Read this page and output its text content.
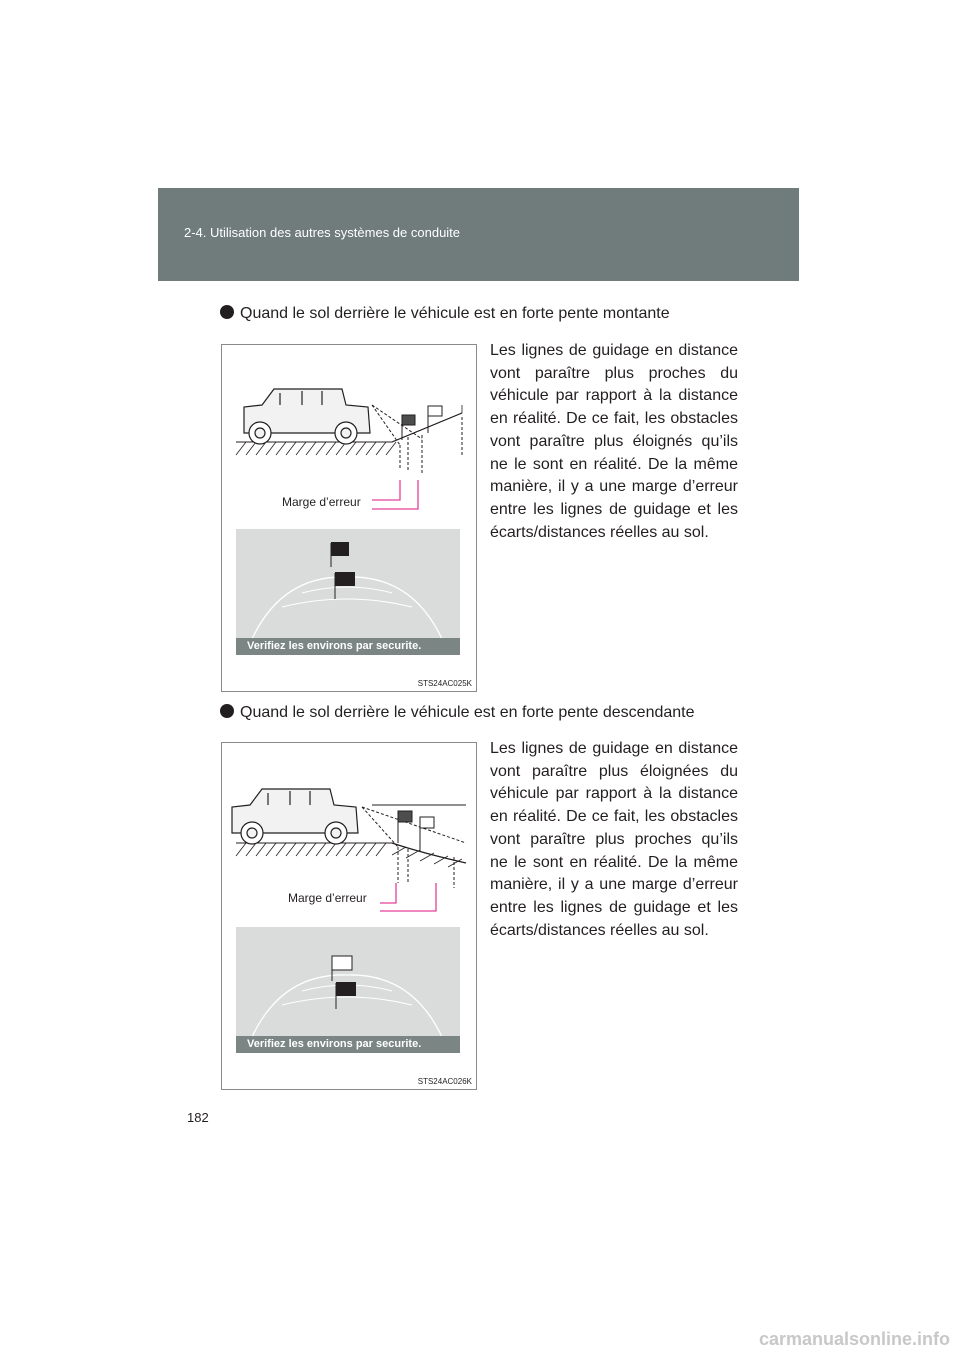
2-4. Utilisation des autres systèmes de conduite
Quand le sol derrière le véhicule est en forte pente montante
Marge d’erreur
Verifiez les environs par securite.
STS24AC025K
Les lignes de guidage en distance vont paraître plus proches du véhicule par rapport à la distance en réalité. De ce fait, les obstacles vont paraître plus éloignés qu’ils ne le sont en réalité. De la même manière, il y a une marge d’erreur entre les lignes de guidage et les écarts/distances réelles au sol.
Quand le sol derrière le véhicule est en forte pente descendante
Marge d’erreur
Verifiez les environs par securite.
STS24AC026K
Les lignes de guidage en distance vont paraître plus éloignées du véhicule par rapport à la distance en réalité. De ce fait, les obstacles vont paraître plus proches qu’ils ne le sont en réalité. De la même manière, il y a une marge d’erreur entre les lignes de guidage et les écarts/distances réelles au sol.
182
carmanualsonline.info
